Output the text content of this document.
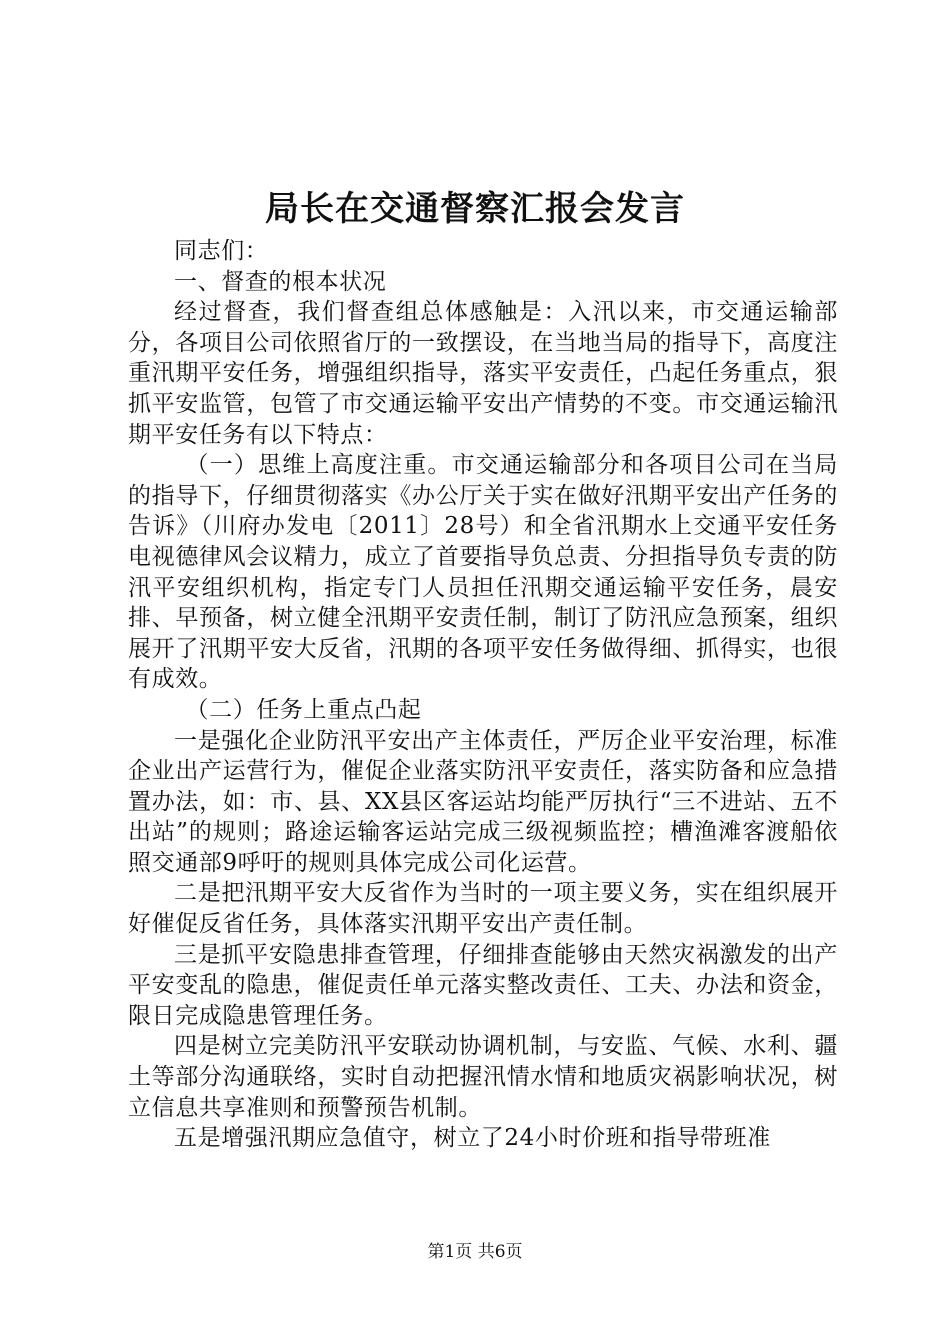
局长在交通督察汇报会发言

同志们：

一、督查的根本状况

经过督查，我们督查组总体感触是：入汛以来，市交通运输部分，各项目公司依照省厅的一致摆设，在当地当局的指导下，高度注重汛期平安任务，增强组织指导，落实平安责任，凸起任务重点，狠抓平安监管，包管了市交通运输平安出产情势的不变。市交通运输汛期平安任务有以下特点：

（一）思维上高度注重。市交通运输部分和各项目公司在当局的指导下，仔细贯彻落实《办公厅关于实在做好汛期平安出产任务的告诉》（川府办发电〔2011〕28号）和全省汛期水上交通平安任务电视德律风会议精力，成立了首要指导负总责、分担指导负专责的防汛平安组织机构，指定专门人员担任汛期交通运输平安任务，晨安排、早预备，树立健全汛期平安责任制，制订了防汛应急预案，组织展开了汛期平安大反省，汛期的各项平安任务做得细、抓得实，也很有成效。

（二）任务上重点凸起

一是强化企业防汛平安出产主体责任，严厉企业平安治理，标准企业出产运营行为，催促企业落实防汛平安责任，落实防备和应急措置办法，如：市、县、XX县区客运站均能严厉执行“三不进站、五不出站”的规则；路途运输客运站完成三级视频监控；槽渔滩客渡船依照交通部9呼吁的规则具体完成公司化运营。

二是把汛期平安大反省作为当时的一项主要义务，实在组织展开好催促反省任务，具体落实汛期平安出产责任制。

三是抓平安隐患排查管理，仔细排查能够由天然灾祸激发的出产平安变乱的隐患，催促责任单元落实整改责任、工夫、办法和资金，限日完成隐患管理任务。

四是树立完美防汛平安联动协调机制，与安监、气候、水利、疆土等部分沟通联络，实时自动把握汛情水情和地质灾祸影响状况，树立信息共享准则和预警预告机制。

五是增强汛期应急值守，树立了24小时价班和指导带班准

第1页 共6页
